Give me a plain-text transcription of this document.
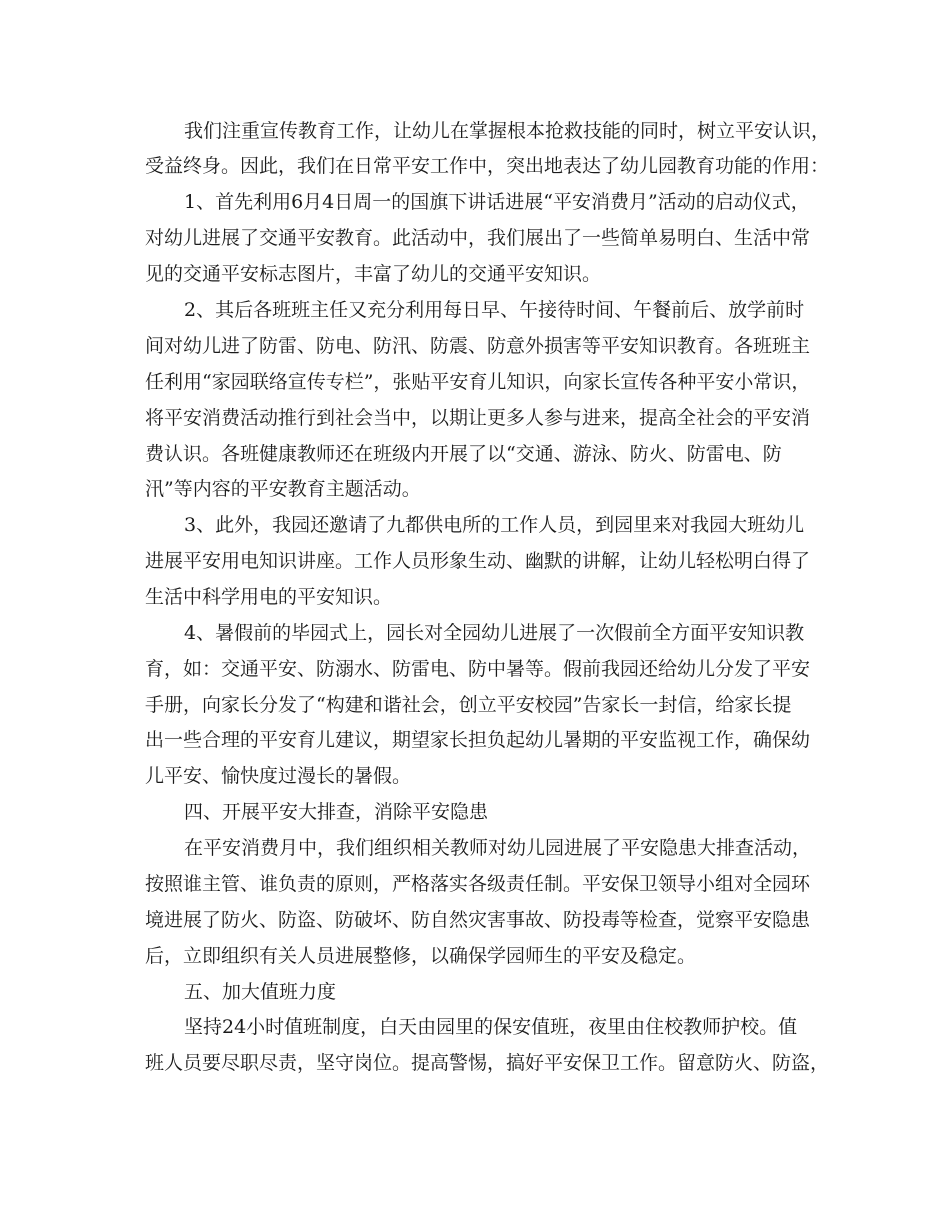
我们注重宣传教育工作，让幼儿在掌握根本抢救技能的同时，树立平安认识，
受益终身。因此，我们在日常平安工作中，突出地表达了幼儿园教育功能的作用：
1、首先利用6月4日周一的国旗下讲话进展“平安消费月”活动的启动仪式，
对幼儿进展了交通平安教育。此活动中，我们展出了一些简单易明白、生活中常
见的交通平安标志图片，丰富了幼儿的交通平安知识。
2、其后各班班主任又充分利用每日早、午接待时间、午餐前后、放学前时
间对幼儿进了防雷、防电、防汛、防震、防意外损害等平安知识教育。各班班主
任利用“家园联络宣传专栏”，张贴平安育儿知识，向家长宣传各种平安小常识，
将平安消费活动推行到社会当中，以期让更多人参与进来，提高全社会的平安消
费认识。各班健康教师还在班级内开展了以“交通、游泳、防火、防雷电、防
汛”等内容的平安教育主题活动。
3、此外，我园还邀请了九都供电所的工作人员，到园里来对我园大班幼儿
进展平安用电知识讲座。工作人员形象生动、幽默的讲解，让幼儿轻松明白得了
生活中科学用电的平安知识。
4、暑假前的毕园式上，园长对全园幼儿进展了一次假前全方面平安知识教
育，如：交通平安、防溺水、防雷电、防中暑等。假前我园还给幼儿分发了平安
手册，向家长分发了“构建和谐社会，创立平安校园”告家长一封信，给家长提
出一些合理的平安育儿建议，期望家长担负起幼儿暑期的平安监视工作，确保幼
儿平安、愉快度过漫长的暑假。
四、开展平安大排查，消除平安隐患
在平安消费月中，我们组织相关教师对幼儿园进展了平安隐患大排查活动，
按照谁主管、谁负责的原则，严格落实各级责任制。平安保卫领导小组对全园环
境进展了防火、防盗、防破坏、防自然灾害事故、防投毒等检查，觉察平安隐患
后，立即组织有关人员进展整修，以确保学园师生的平安及稳定。
五、加大值班力度
坚持24小时值班制度，白天由园里的保安值班，夜里由住校教师护校。值
班人员要尽职尽责，坚守岗位。提高警惕，搞好平安保卫工作。留意防火、防盗，
